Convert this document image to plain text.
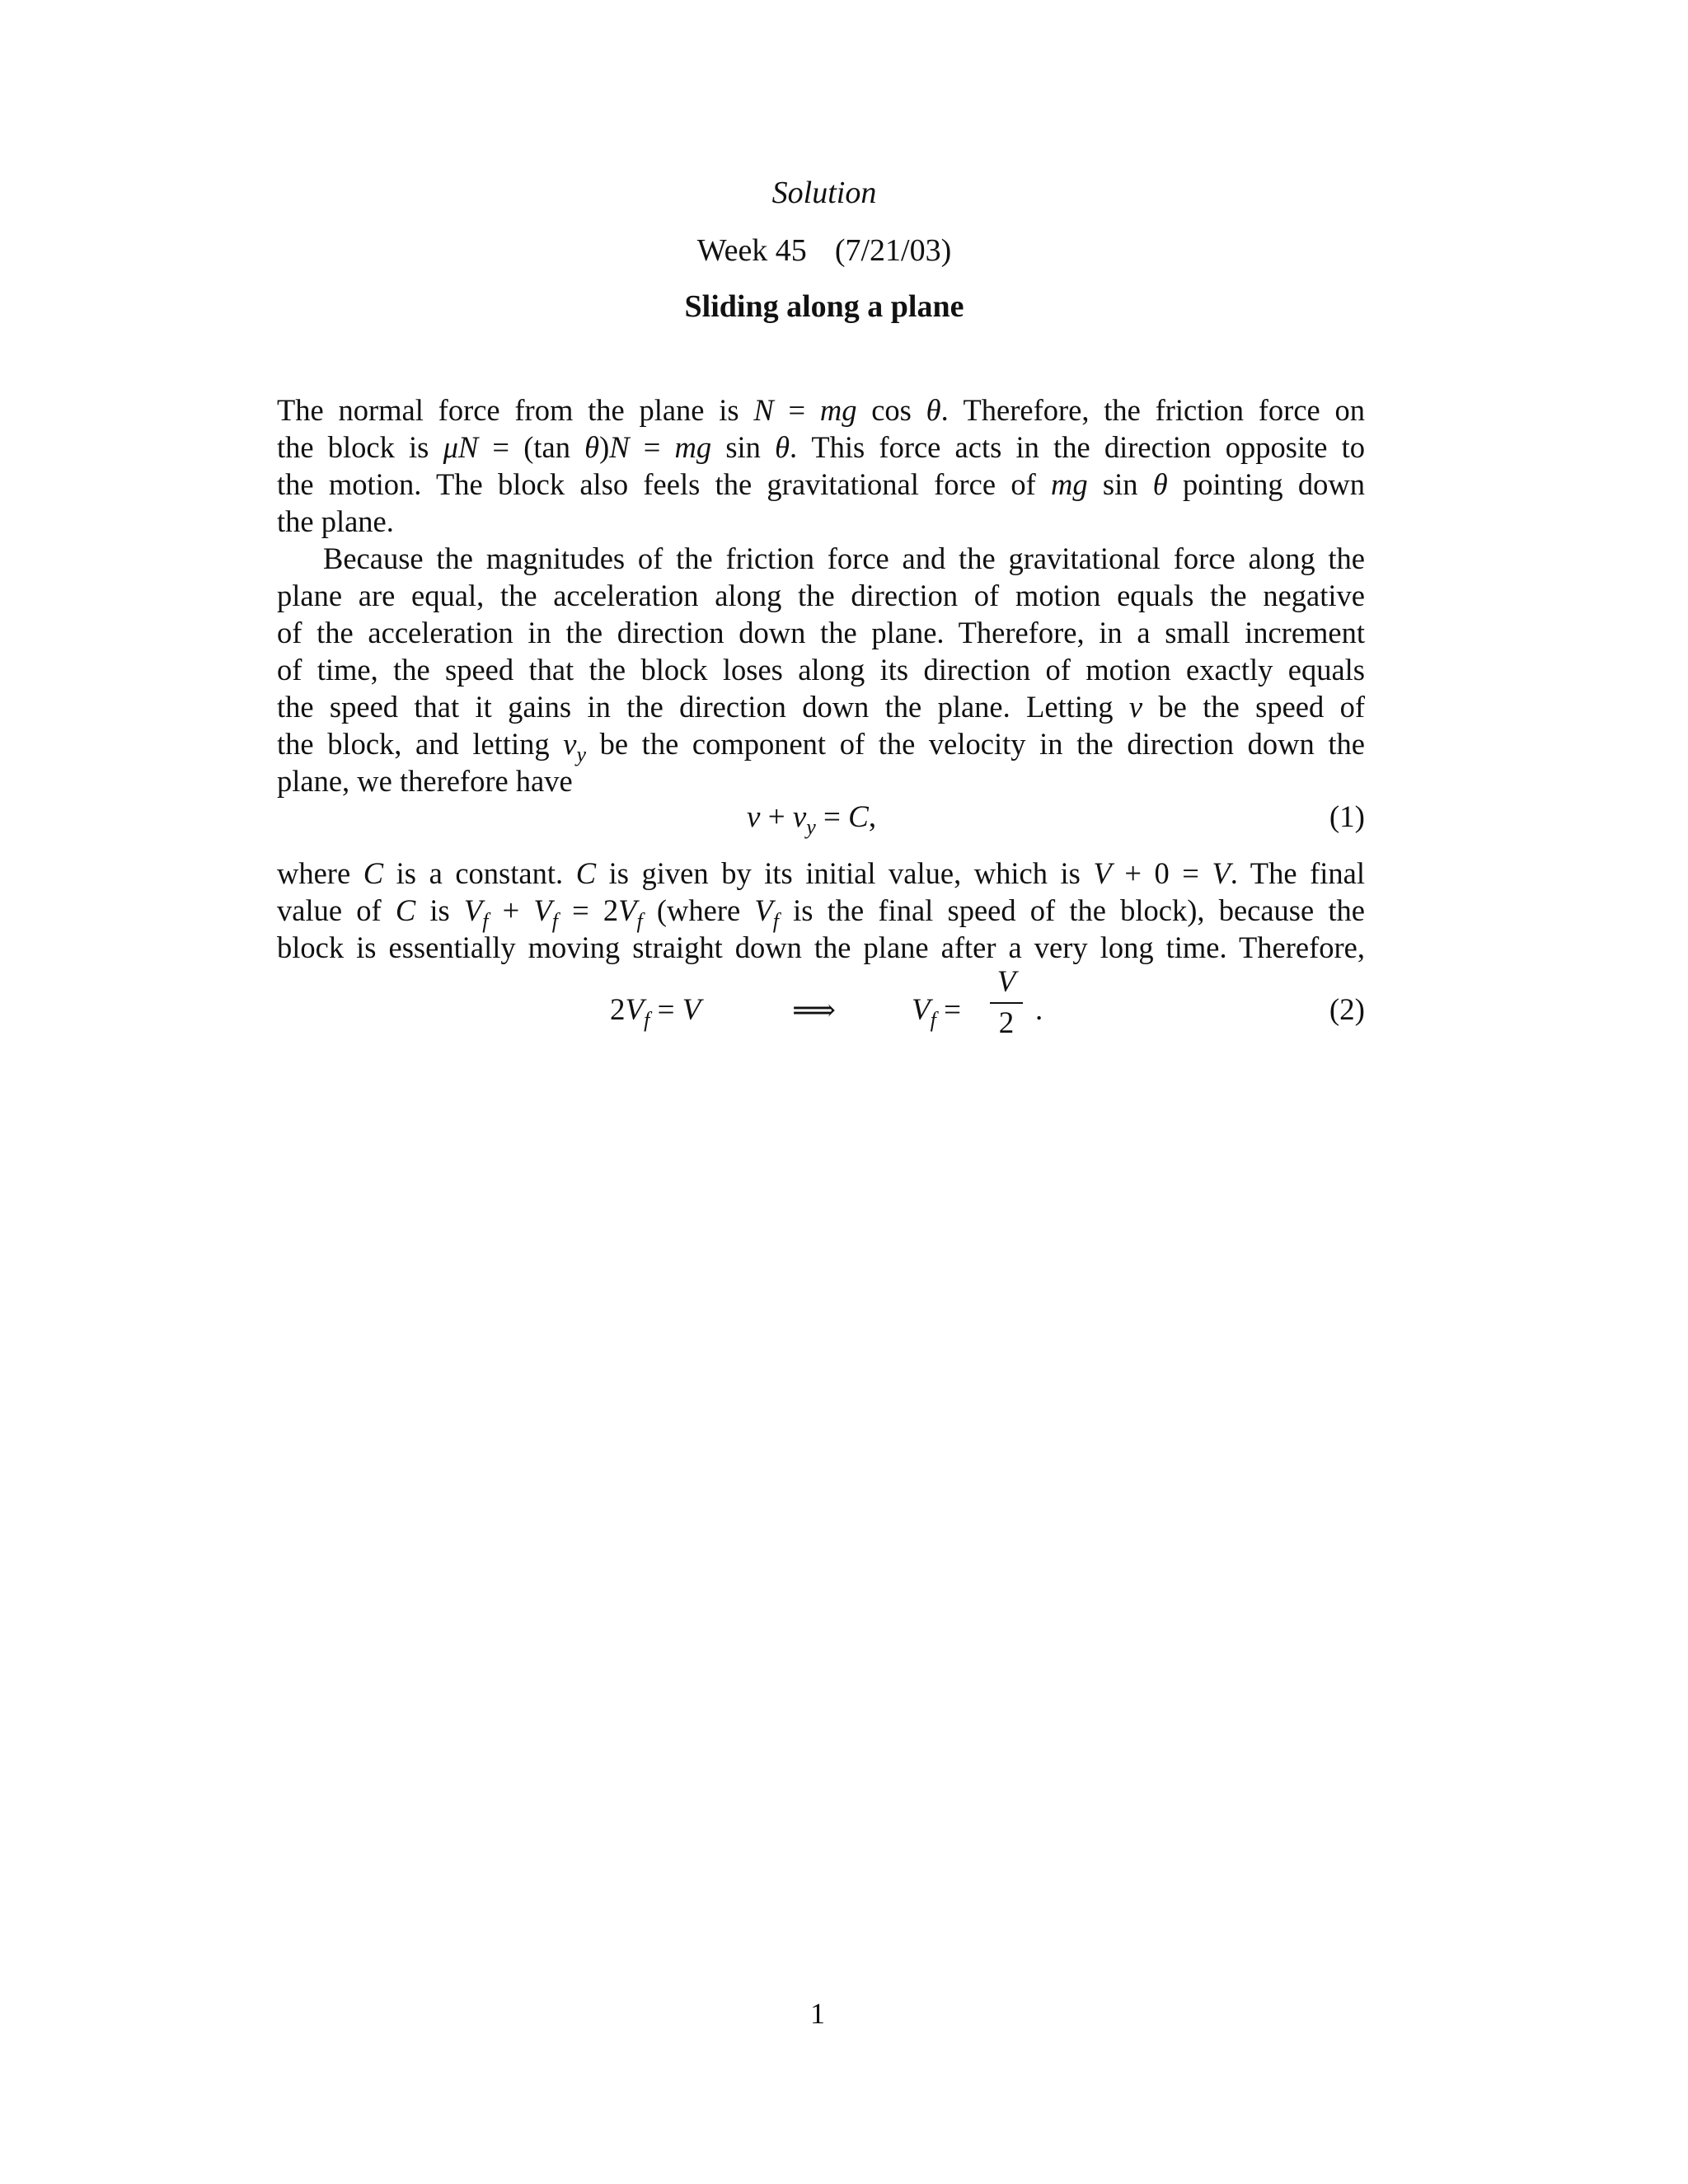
Solution
Week 45 (7/21/03)
Sliding along a plane
The normal force from the plane is N = mg cos θ. Therefore, the friction force on
the block is μN = (tan θ)N = mg sin θ. This force acts in the direction opposite to
the motion. The block also feels the gravitational force of mg sin θ pointing down
the plane.
Because the magnitudes of the friction force and the gravitational force along the
plane are equal, the acceleration along the direction of motion equals the negative
of the acceleration in the direction down the plane. Therefore, in a small increment
of time, the speed that the block loses along its direction of motion exactly equals
the speed that it gains in the direction down the plane. Letting v be the speed of
the block, and letting $v_y$ be the component of the velocity in the direction down the
plane, we therefore have
$v + v_y = C$,	(1)
where C is a constant. C is given by its initial value, which is V + 0 = V. The final
value of C is $V_f + V_f = 2V_f$ (where $V_f$ is the final speed of the block), because the
block is essentially moving straight down the plane after a very long time. Therefore,
$2V_f = V$	⟹ $V_f$ =
V
2 .	(2)
1
